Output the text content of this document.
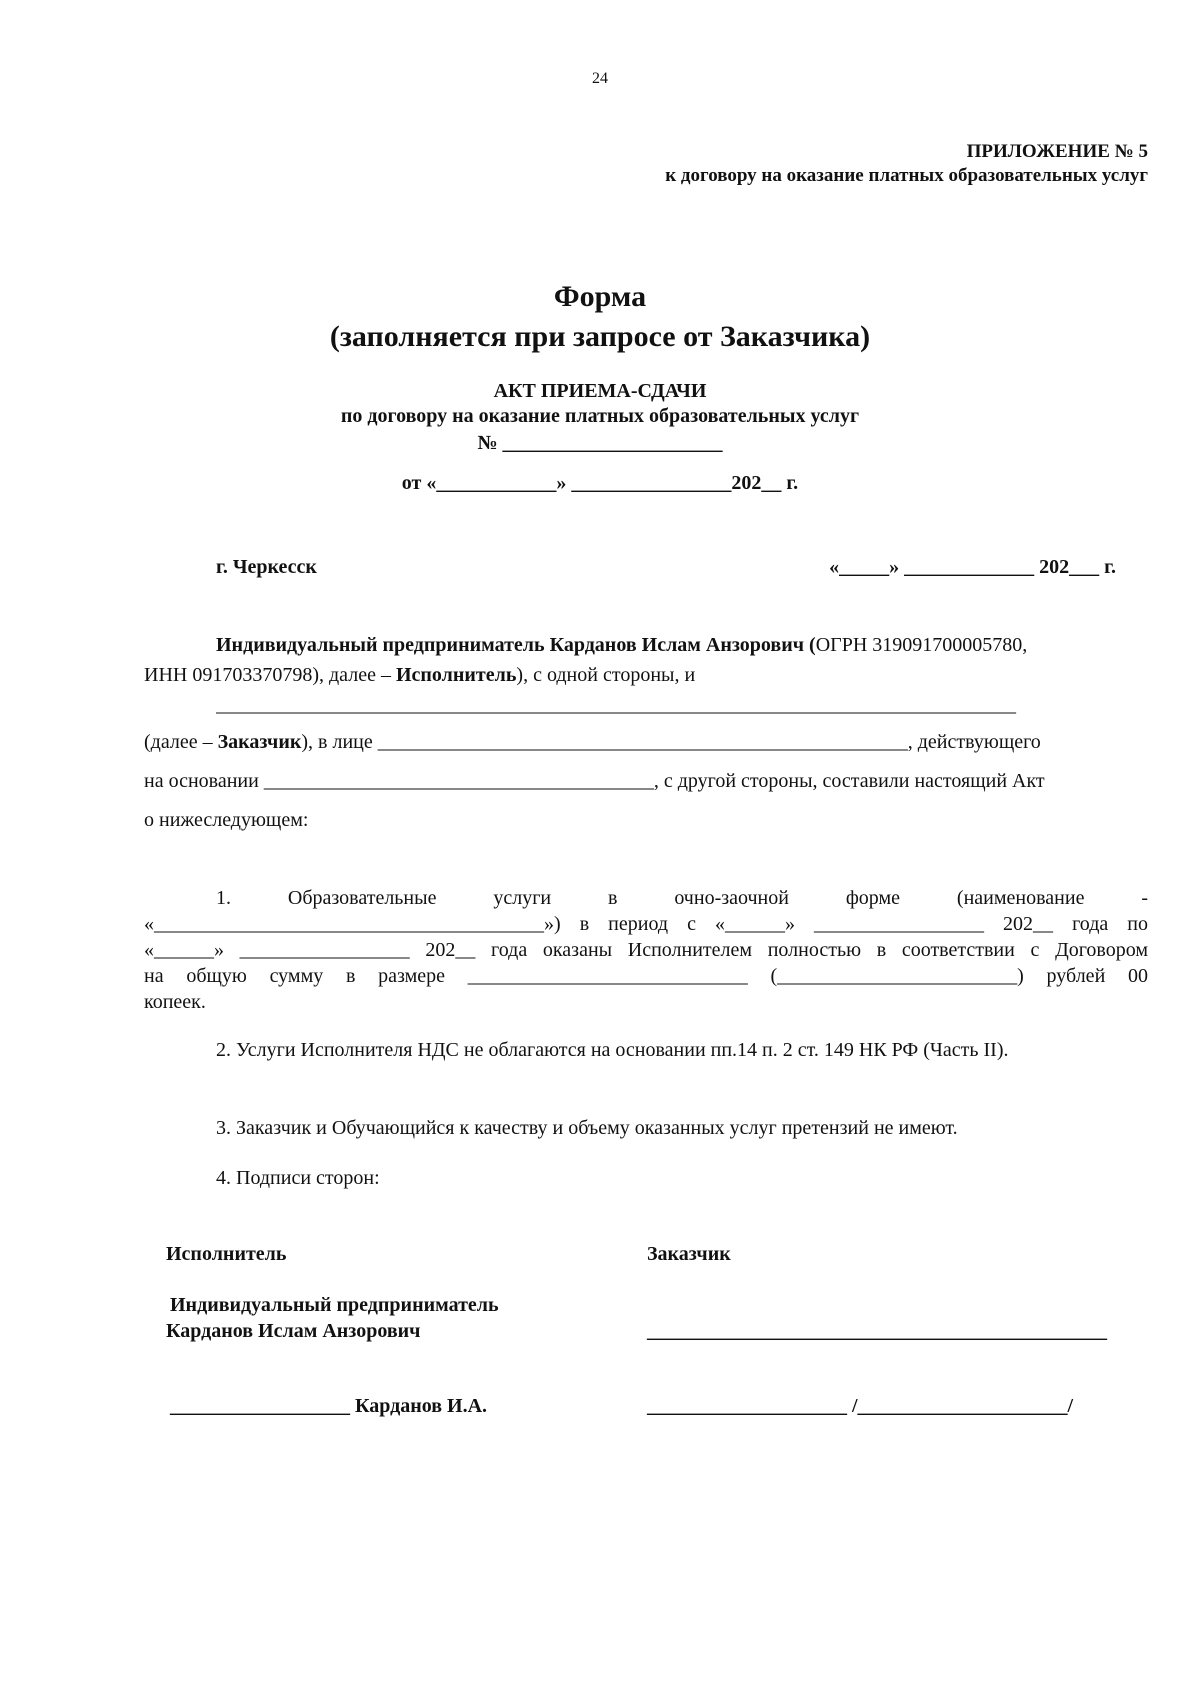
24
ПРИЛОЖЕНИЕ № 5
к договору на оказание платных образовательных услуг
Форма
(заполняется при запросе от Заказчика)
АКТ ПРИЕМА-СДАЧИ
по договору на оказание платных образовательных услуг
№ ______________________
от «____________» ________________202__ г.
г. Черкесск	«_____» _____________ 202___ г.
Индивидуальный предприниматель Карданов Ислам Анзорович (ОГРН 319091700005780,
ИНН 091703370798), далее – Исполнитель), с одной стороны, и
________________________________________________________________________________
(далее – Заказчик), в лице _____________________________________________________, действующего
на основании _______________________________________, с другой стороны, составили настоящий Акт
о нижеследующем:
1. Образовательные услуги в очно-заочной форме (наименование -
«_______________________________________») в период с «______» _________________ 202__ года по
«______» _________________ 202__ года оказаны Исполнителем полностью в соответствии с Договором
на общую сумму в размере ____________________________ (________________________) рублей 00
копеек.
2. Услуги Исполнителя НДС не облагаются на основании пп.14 п. 2 ст. 149 НК РФ (Часть II).
3. Заказчик и Обучающийся к качеству и объему оказанных услуг претензий не имеют.
4. Подписи сторон:
Исполнитель	Заказчик
Индивидуальный предприниматель
Карданов Ислам Анзорович	______________________________________________
__________________ Карданов И.А.	____________________ /_____________________/
